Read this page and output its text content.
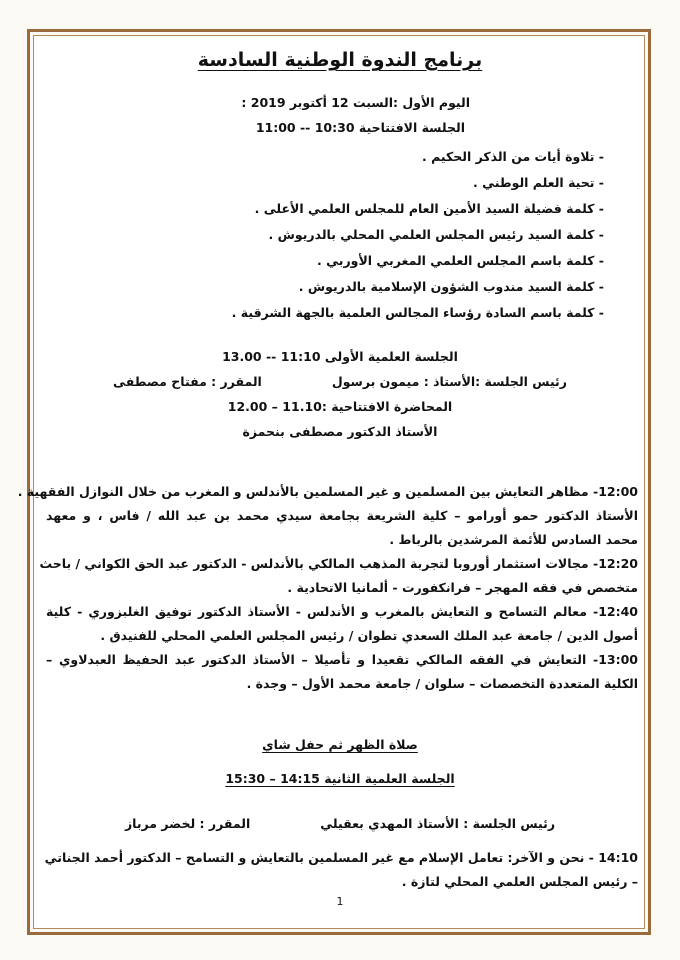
برنامج الندوة الوطنية السادسة
اليوم الأول :السبت 12 أكتوبر 2019 :
الجلسة الافتتاحية 10:30 -- 11:00
- تلاوة أيات من الذكر الحكيم .
- تحية العلم الوطني .
- كلمة فضيلة السيد الأمين العام للمجلس العلمي الأعلى .
- كلمة السيد رئيس المجلس العلمي المحلي بالدريوش .
- كلمة باسم المجلس العلمي المغربي الأوربي .
- كلمة السيد مندوب الشؤون الإسلامية بالدريوش .
- كلمة باسم السادة رؤساء المجالس العلمية بالجهة الشرقية .
الجلسة العلمية الأولى 11:10 -- 13.00
رئيس الجلسة :الأستاذ : ميمون برسولالمقرر : مفتاح مصطفى
المحاضرة الافتتاحية :11.10 – 12.00
الأستاذ الدكتور مصطفى بنحمزة
12:00- مظاهر التعايش بين المسلمين و غير المسلمين بالأندلس و المغرب من خلال النوازل الفقهية .
الأستاذ الدكتور حمو أورامو – كلية الشريعة بجامعة سيدي محمد بن عبد الله / فاس ، و معهد
محمد السادس للأئمة المرشدين بالرباط .
12:20- مجالات استثمار أوروبا لتجربة المذهب المالكي بالأندلس - الدكتور عبد الحق الكواني / باحث
متخصص في فقه المهجر – فرانكفورت - ألمانيا الاتحادية .
12:40- معالم التسامح و التعايش بالمغرب و الأندلس - الأستاذ الدكتور توفيق الغلبزوري - كلية
أصول الدين / جامعة عبد الملك السعدي تطوان / رئيس المجلس العلمي المحلي للفنيدق .
13:00- التعايش في الفقه المالكي تقعيدا و تأصيلا – الأستاذ الدكتور عبد الحفيظ العبدلاوي –
الكلية المتعددة التخصصات – سلوان / جامعة محمد الأول – وجدة .
صلاة الظهر ثم حفل شاي
الجلسة العلمية الثانية 14:15 – 15:30
رئيس الجلسة : الأستاذ المهدي بعقيليالمقرر : لخضر مرباز
14:10 - نحن و الآخر: تعامل الإسلام مع غير المسلمين بالتعايش و التسامح – الدكتور أحمد الجناتي
– رئيس المجلس العلمي المحلي لتازة .
1
